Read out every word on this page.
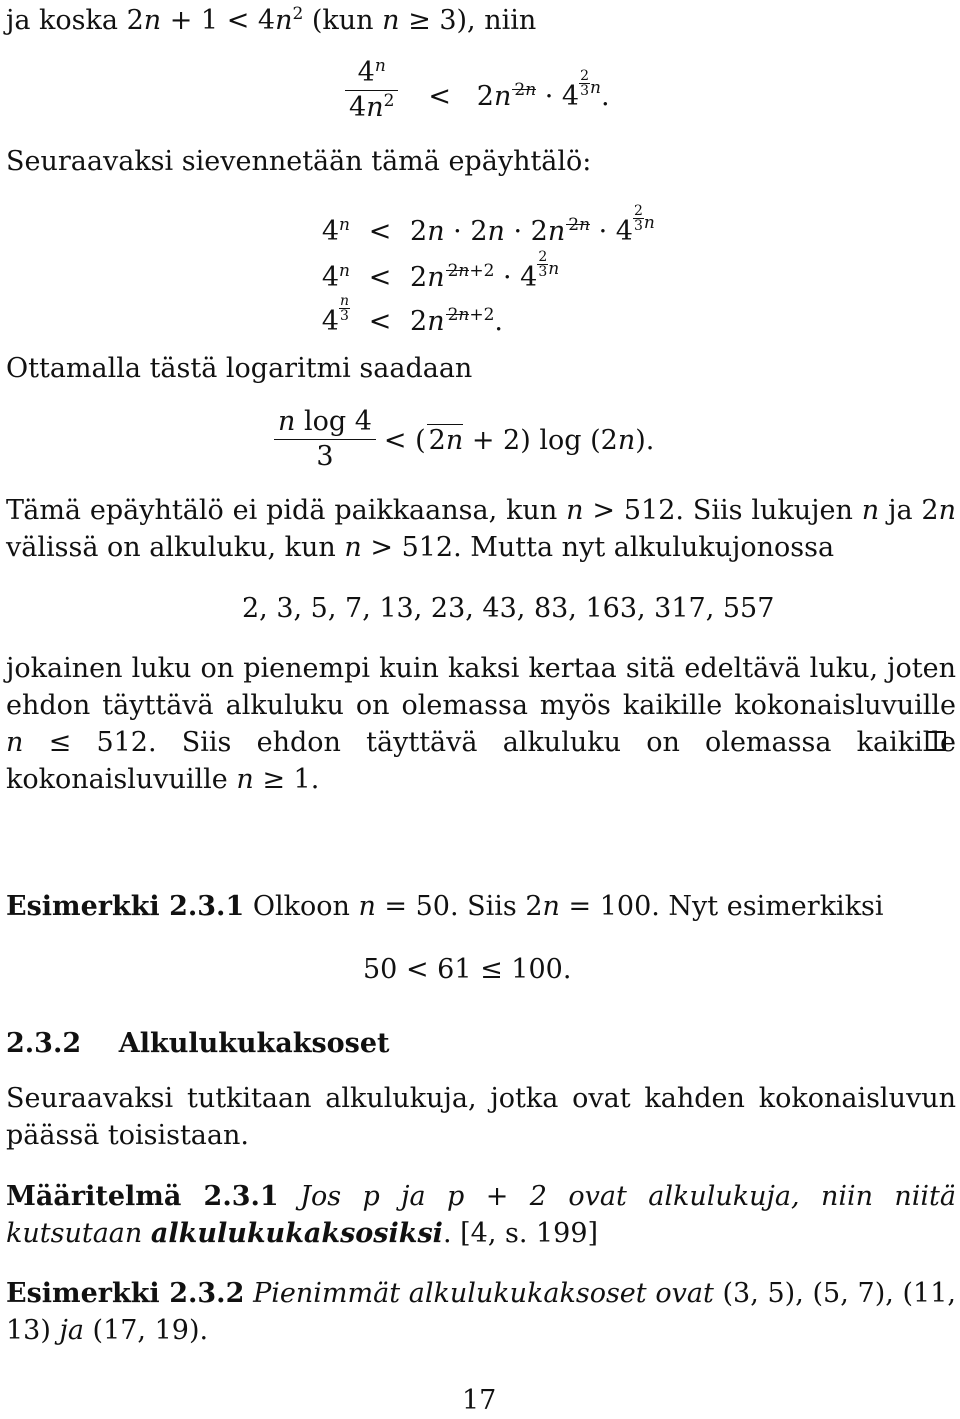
ja koska $2n + 1 < 4n^2$ (kun n ≥ 3), niin
$\frac{4^n}{4n^2} < 2n$ $^{2n} \cdot 4 \frac{2}{3} ^n$.
Seuraavaksi sievennetään tämä epäyhtälö:
$4^n < 2n \cdot 2n \cdot 2n$ $^{2n} \cdot 4 \frac{2}{3} ^n$
$4^n < 2n$ $^{2n+2} \cdot 4 \frac{2}{3} ^n$
$4 \frac{n}{3} < 2n$ $^{2n+2}$.
Ottamalla tästä logaritmi saadaan
$\frac{\text{n log 4}}{3}$ < ( 2n + 2) log (2n).
Tämä epäyhtälö ei pidä paikkaansa, kun n > 512. Siis lukujen n ja 2n välissä on alkuluku, kun n > 512. Mutta nyt alkulukujonossa
2, 3, 5, 7, 13, 23, 43, 83, 163, 317, 557
jokainen luku on pienempi kuin kaksi kertaa sitä edeltävä luku, joten ehdon täyttävä alkuluku on olemassa myös kaikille kokonaisluvuille n ≤ 512. Siis ehdon täyttävä alkuluku on olemassa kaikille kokonaisluvuille n ≥ 1.
Esimerkki 2.3.1 Olkoon n = 50. Siis 2n = 100. Nyt esimerkiksi
50 < 61 ≤ 100.
2.3.2 Alkulukukaksoset
Seuraavaksi tutkitaan alkulukuja, jotka ovat kahden kokonaisluvun päässä toisistaan.
Määritelmä 2.3.1 Jos p ja p + 2 ovat alkulukuja, niin niitä kutsutaan alkulukukaksosiksi. [4, s. 199]
Esimerkki 2.3.2 Pienimmät alkulukukaksoset ovat (3, 5), (5, 7), (11, 13) ja (17, 19).
17
